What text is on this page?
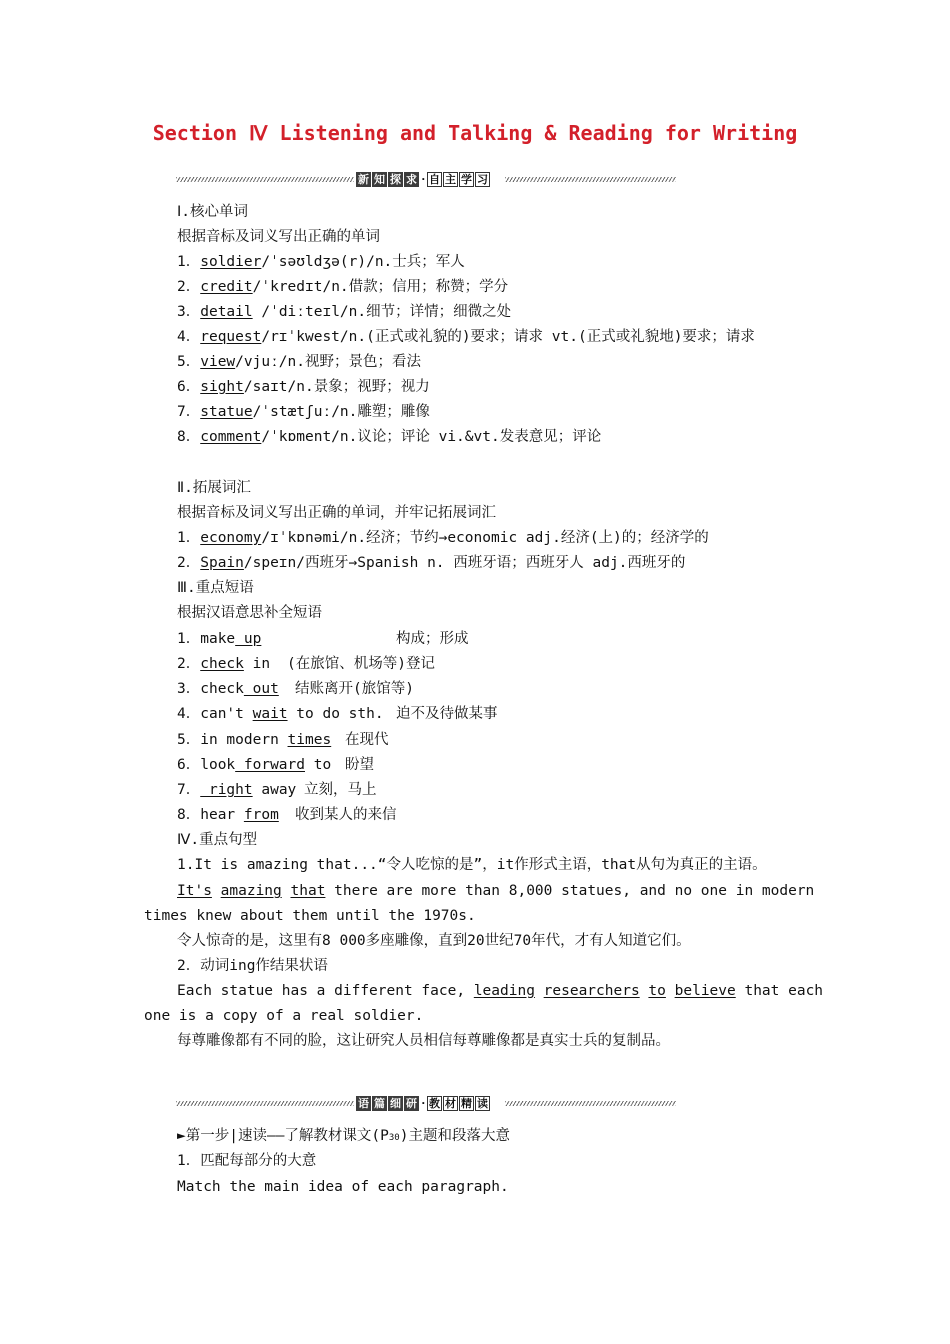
Section Ⅳ Listening and Talking & Reading for Writing
新 知 探 求 · 自 主 学 习
Ⅰ.核心单词
根据音标及词义写出正确的单词
1．soldier/ˈsəʊldʒə(r)/n.士兵；军人
2．credit/ˈkredɪt/n.借款；信用；称赞；学分
3．detail /ˈdiːteɪl/n.细节；详情；细微之处
4．request/rɪˈkwest/n.(正式或礼貌的)要求；请求 vt.(正式或礼貌地)要求；请求
5．view/vjuː/n.视野；景色；看法
6．sight/saɪt/n.景象；视野；视力
7．statue/ˈstætʃuː/n.雕塑；雕像
8．comment/ˈkɒment/n.议论；评论 vi.&vt.发表意见；评论
Ⅱ.拓展词汇
根据音标及词义写出正确的单词，并牢记拓展词汇
1．economy/ɪˈkɒnəmi/n.经济；节约→economic adj.经济(上)的；经济学的
2．Spain/speɪn/西班牙→Spanish n. 西班牙语；西班牙人 adj.西班牙的
Ⅲ.重点短语
根据汉语意思补全短语
1．make up	构成；形成
2．check in (在旅馆、机场等)登记
3．check out 结账离开(旅馆等)
4．can't wait to do sth. 迫不及待做某事
5．in modern times 在现代
6．look forward to 盼望
7． right away 立刻，马上
8．hear from 收到某人的来信
Ⅳ.重点句型
1.It is amazing that...“令人吃惊的是”，it作形式主语，that从句为真正的主语。
It's amazing that there are more than 8,000 statues, and no one in modern
times knew about them until the 1970s.
令人惊奇的是，这里有8 000多座雕像，直到20世纪70年代，才有人知道它们。
2．动词ing作结果状语
Each statue has a different face, leading researchers to believe that each
one is a copy of a real soldier.
每尊雕像都有不同的脸，这让研究人员相信每尊雕像都是真实士兵的复制品。
语 篇 细 研 · 教 材 精 读
►第一步|速读——了解教材课文(P30)主题和段落大意
1．匹配每部分的大意
Match the main idea of each paragraph.
